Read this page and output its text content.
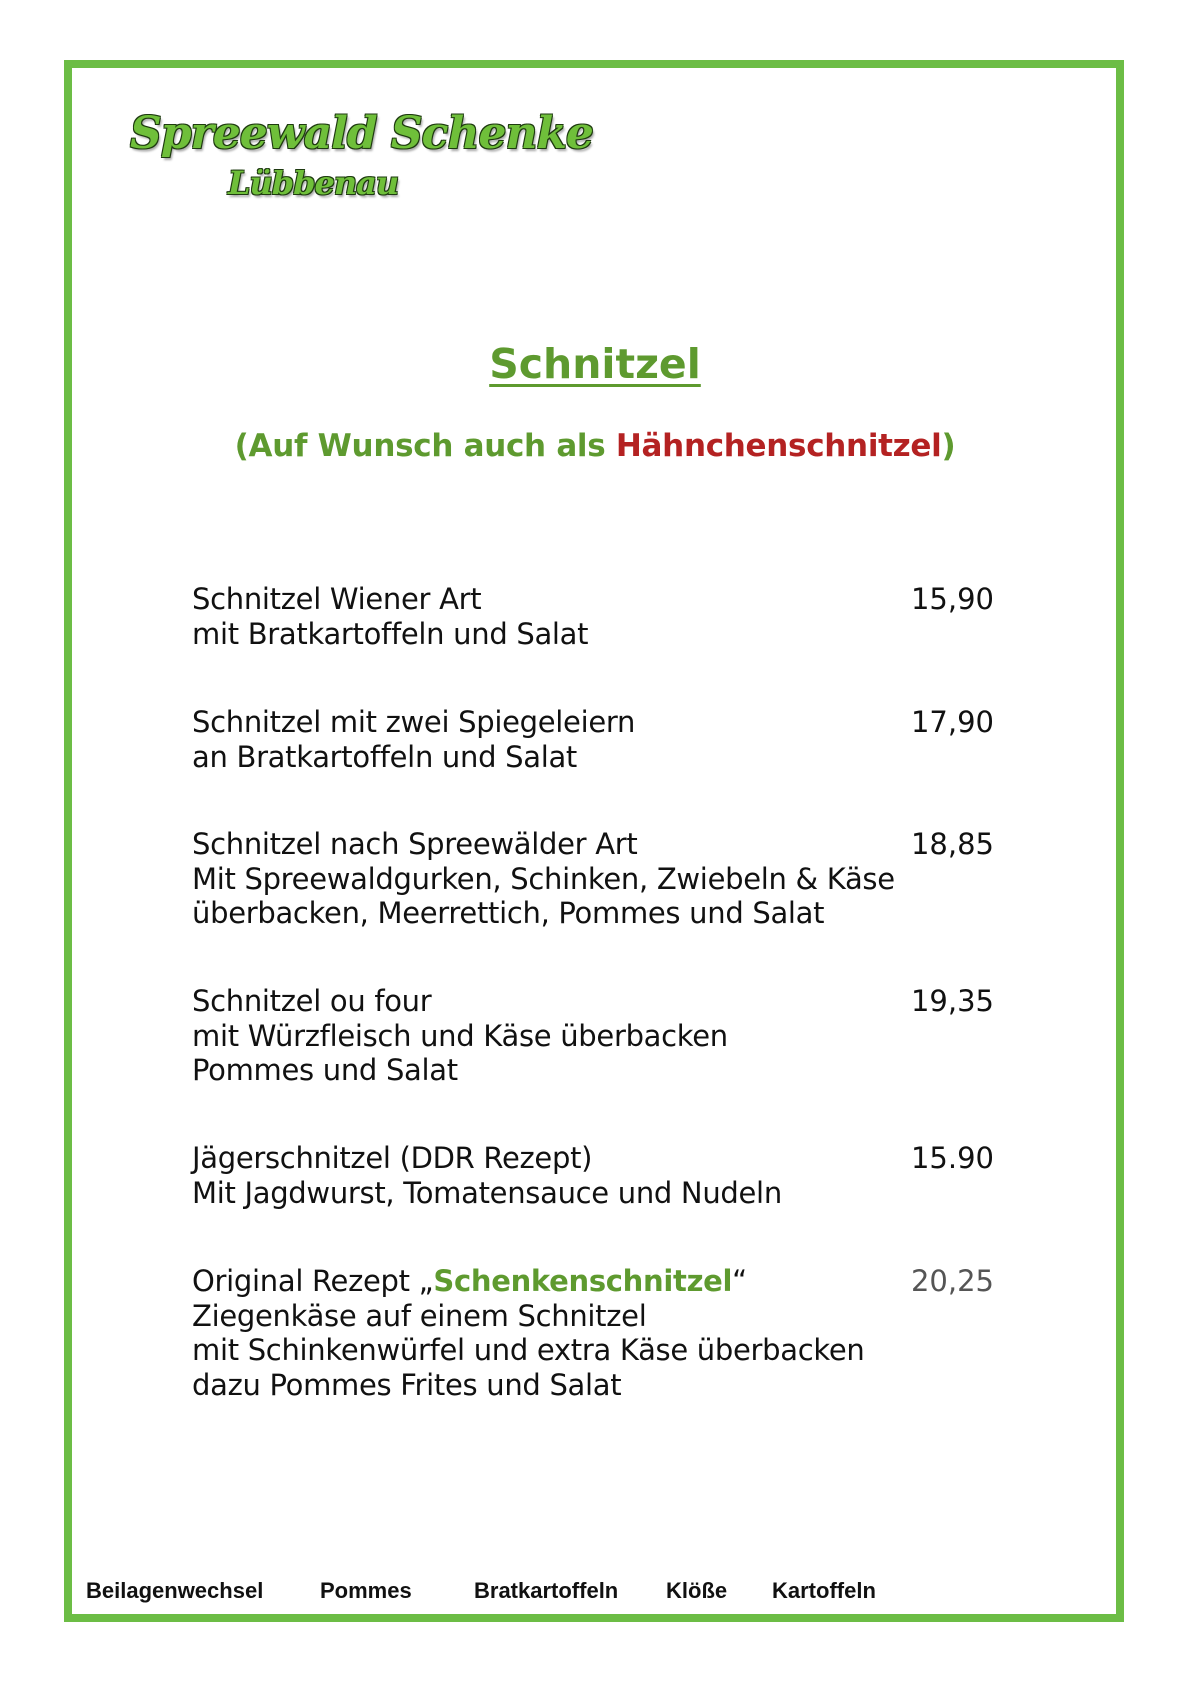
Spreewald Schenke
Lübbenau
Schnitzel
(Auf Wunsch auch als Hähnchenschnitzel)
Schnitzel Wiener Art
mit Bratkartoffeln und Salat
15,90
Schnitzel mit zwei Spiegeleiern
an Bratkartoffeln und Salat
17,90
Schnitzel nach Spreewälder Art
Mit Spreewaldgurken, Schinken, Zwiebeln & Käse
überbacken, Meerrettich, Pommes und Salat
18,85
Schnitzel ou four
mit Würzfleisch und Käse überbacken
Pommes und Salat
19,35
Jägerschnitzel (DDR Rezept)
Mit Jagdwurst, Tomatensauce und Nudeln
15.90
Original Rezept „Schenkenschnitzel“
Ziegenkäse auf einem Schnitzel
mit Schinkenwürfel und extra Käse überbacken
dazu Pommes Frites und Salat
20,25
Beilagenwechsel	Pommes	Bratkartoffeln Klöße Kartoffeln
